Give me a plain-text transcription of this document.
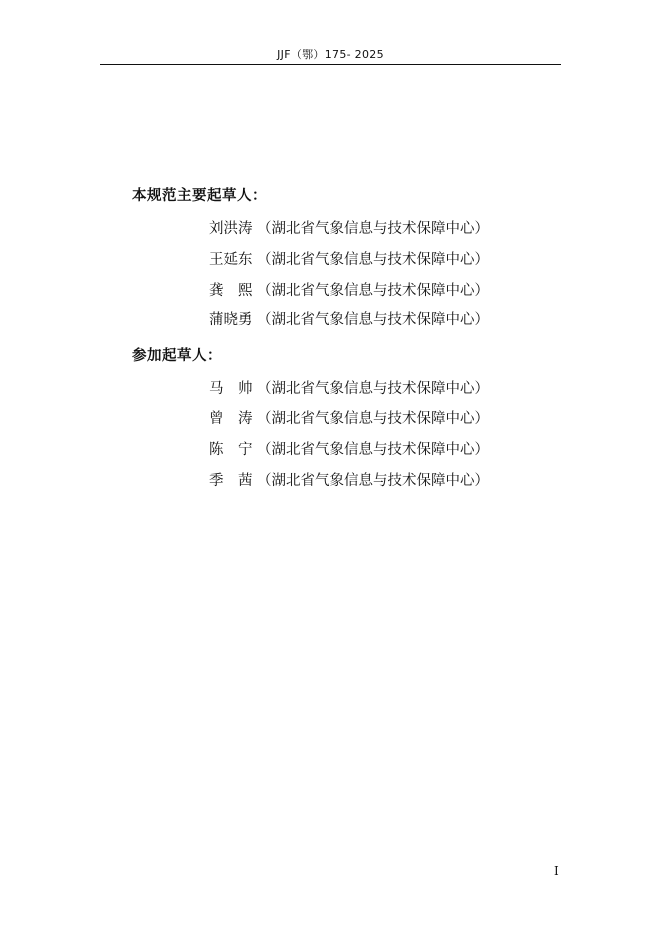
JJF（鄂）175- 2025
本规范主要起草人：
刘洪涛 （湖北省气象信息与技术保障中心）
王延东 （湖北省气象信息与技术保障中心）
龚　熙 （湖北省气象信息与技术保障中心）
蒲晓勇 （湖北省气象信息与技术保障中心）
参加起草人：
马　帅 （湖北省气象信息与技术保障中心）
曾　涛 （湖北省气象信息与技术保障中心）
陈　宁 （湖北省气象信息与技术保障中心）
季　茜 （湖北省气象信息与技术保障中心）
I
